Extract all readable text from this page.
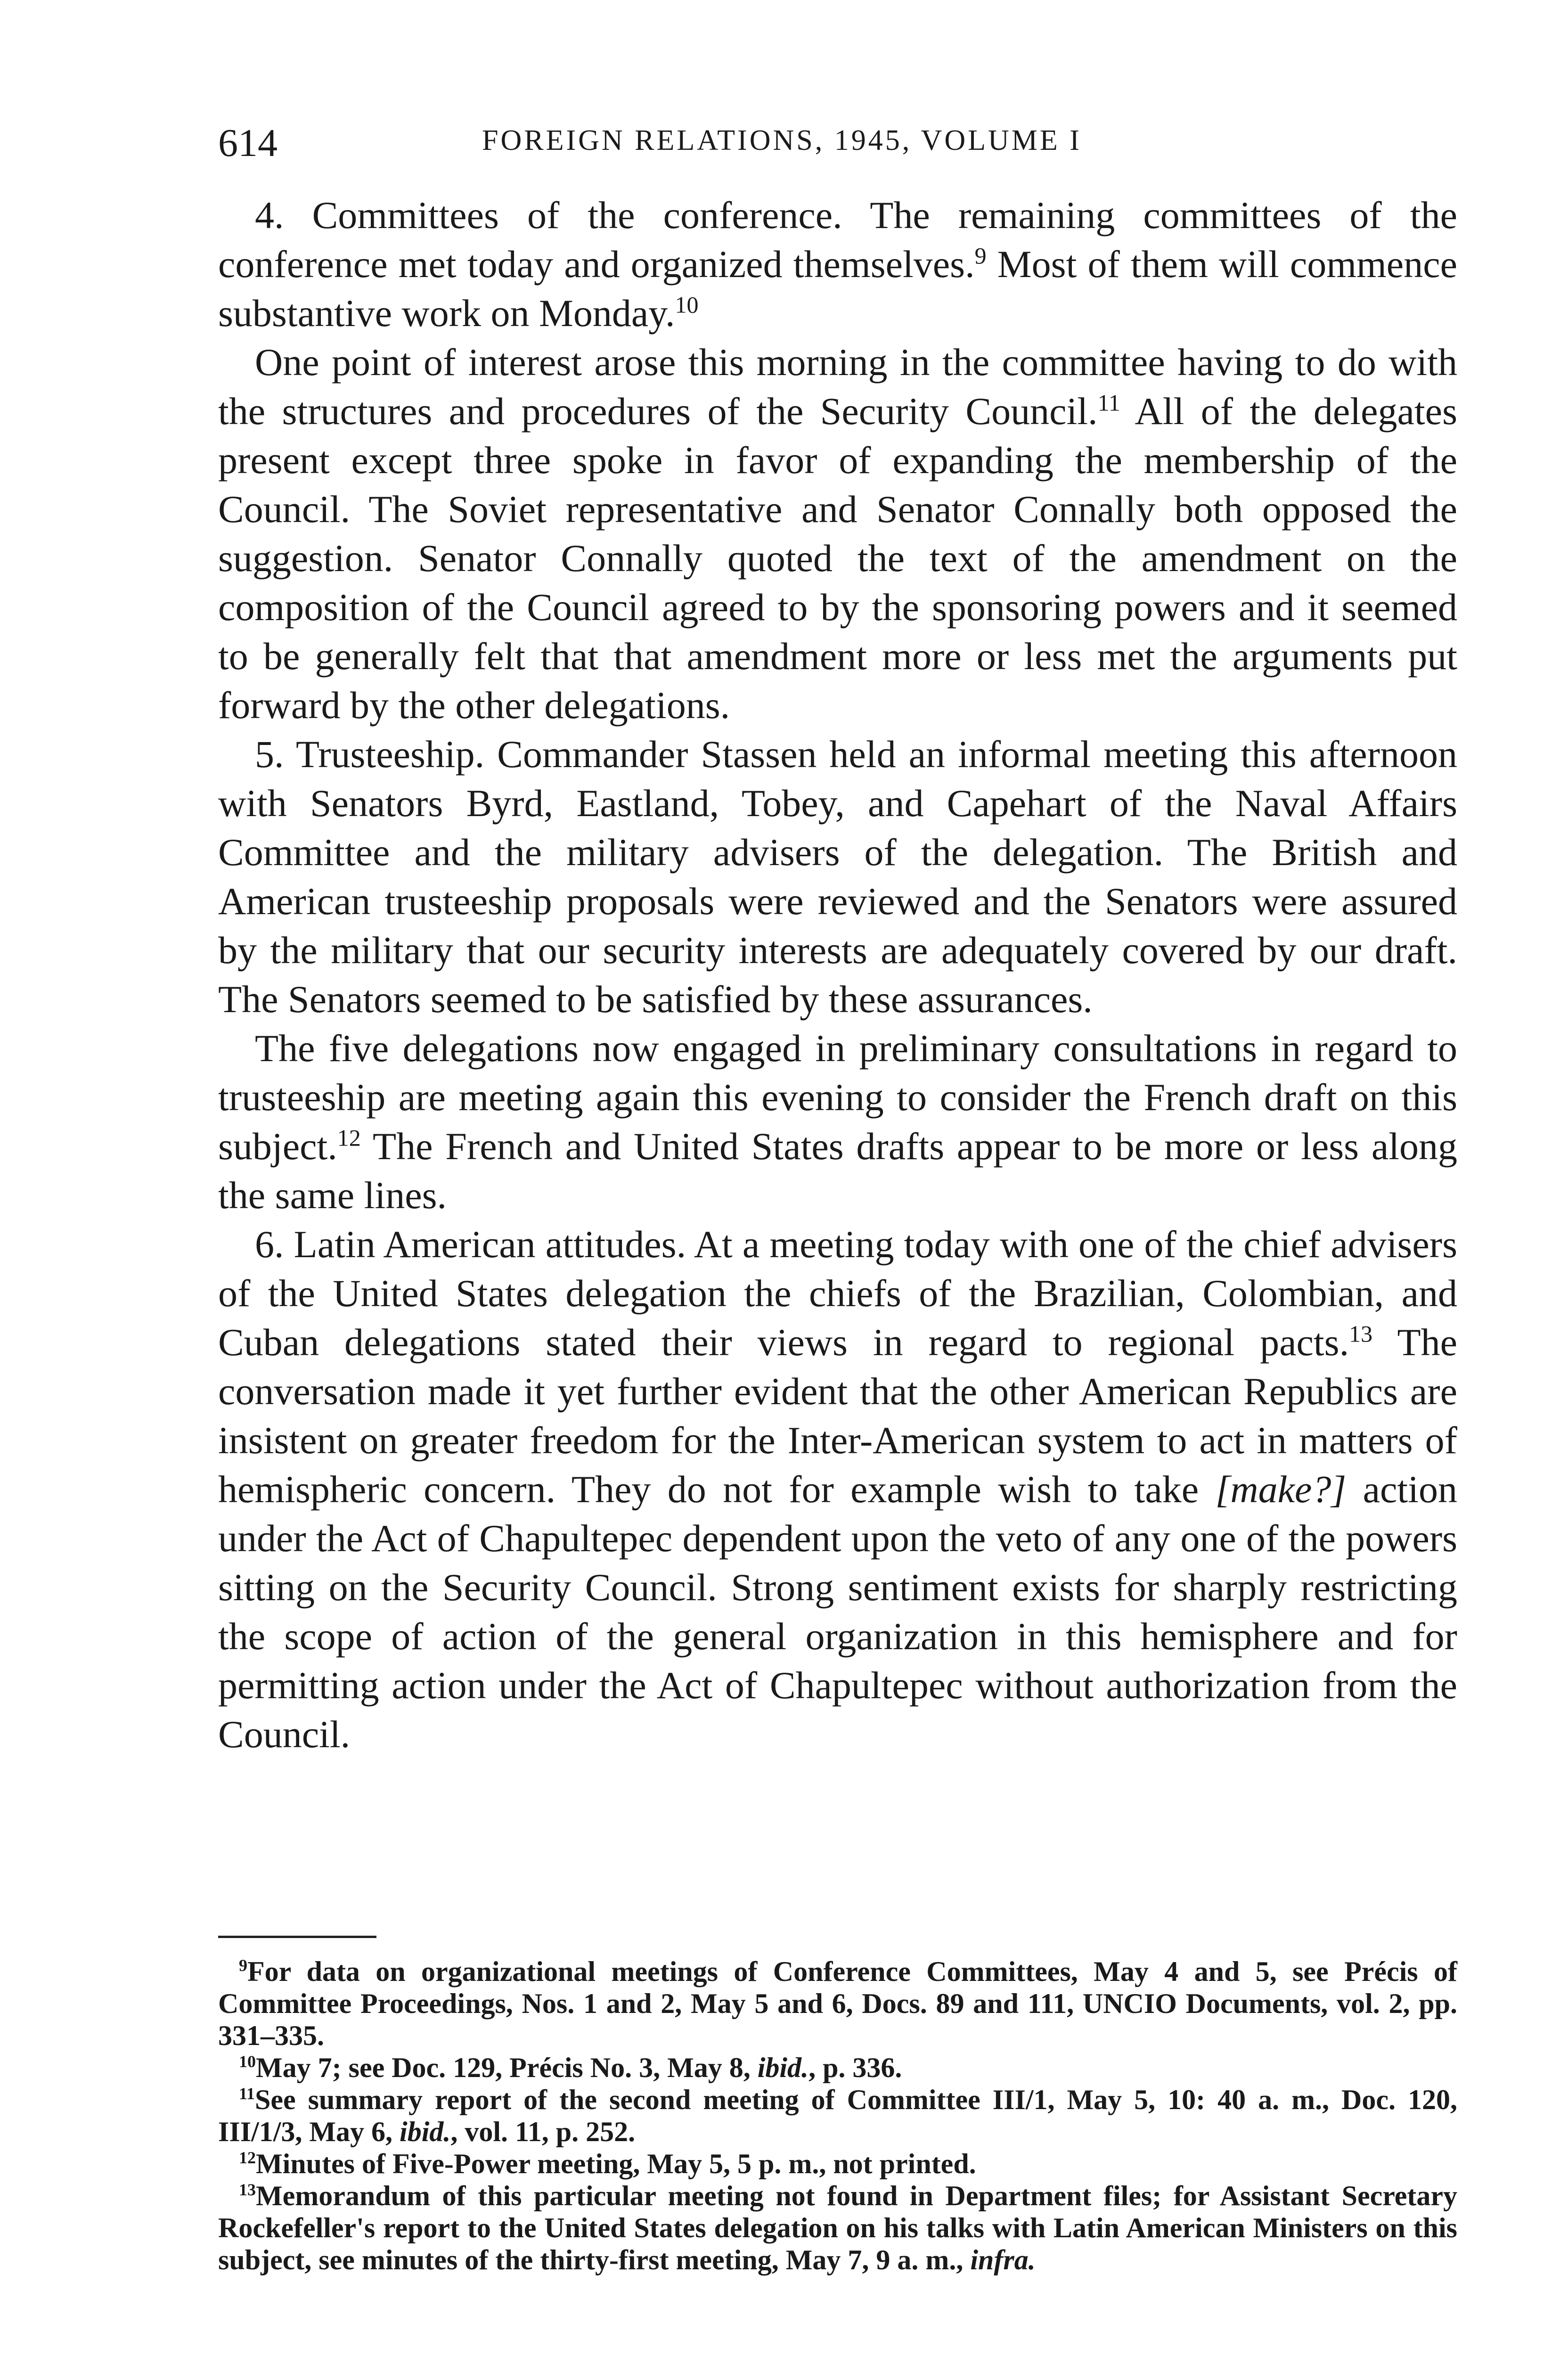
614	FOREIGN RELATIONS, 1945, VOLUME I

4. Committees of the conference. The remaining committees of the conference met today and organized themselves.$^9$ Most of them will commence substantive work on Monday.$^{10}$

One point of interest arose this morning in the committee having to do with the structures and procedures of the Security Council.$^{11}$ All of the delegates present except three spoke in favor of expanding the membership of the Council. The Soviet representative and Senator Connally both opposed the suggestion. Senator Connally quoted the text of the amendment on the composition of the Council agreed to by the sponsoring powers and it seemed to be generally felt that that amendment more or less met the arguments put forward by the other delegations.

5. Trusteeship. Commander Stassen held an informal meeting this afternoon with Senators Byrd, Eastland, Tobey, and Capehart of the Naval Affairs Committee and the military advisers of the delegation. The British and American trusteeship proposals were reviewed and the Senators were assured by the military that our security interests are adequately covered by our draft. The Senators seemed to be satisfied by these assurances.

The five delegations now engaged in preliminary consultations in regard to trusteeship are meeting again this evening to consider the French draft on this subject.$^{12}$ The French and United States drafts appear to be more or less along the same lines.

6. Latin American attitudes. At a meeting today with one of the chief advisers of the United States delegation the chiefs of the Brazilian, Colombian, and Cuban delegations stated their views in regard to regional pacts.$^{13}$ The conversation made it yet further evident that the other American Republics are insistent on greater freedom for the Inter-American system to act in matters of hemispheric concern. They do not for example wish to take [make?] action under the Act of Chapultepec dependent upon the veto of any one of the powers sitting on the Security Council. Strong sentiment exists for sharply restricting the scope of action of the general organization in this hemisphere and for permitting action under the Act of Chapultepec without authorization from the Council.

$^9$For data on organizational meetings of Conference Committees, May 4 and 5, see Précis of Committee Proceedings, Nos. 1 and 2, May 5 and 6, Docs. 89 and 111, UNCIO Documents, vol. 2, pp. 331–335.

$^{10}$May 7; see Doc. 129, Précis No. 3, May 8, ibid., p. 336.

$^{11}$See summary report of the second meeting of Committee III/1, May 5, 10: 40 a. m., Doc. 120, III/1/3, May 6, ibid., vol. 11, p. 252.

$^{12}$Minutes of Five-Power meeting, May 5, 5 p. m., not printed.

$^{13}$Memorandum of this particular meeting not found in Department files; for Assistant Secretary Rockefeller's report to the United States delegation on his talks with Latin American Ministers on this subject, see minutes of the thirty-first meeting, May 7, 9 a. m., infra.
